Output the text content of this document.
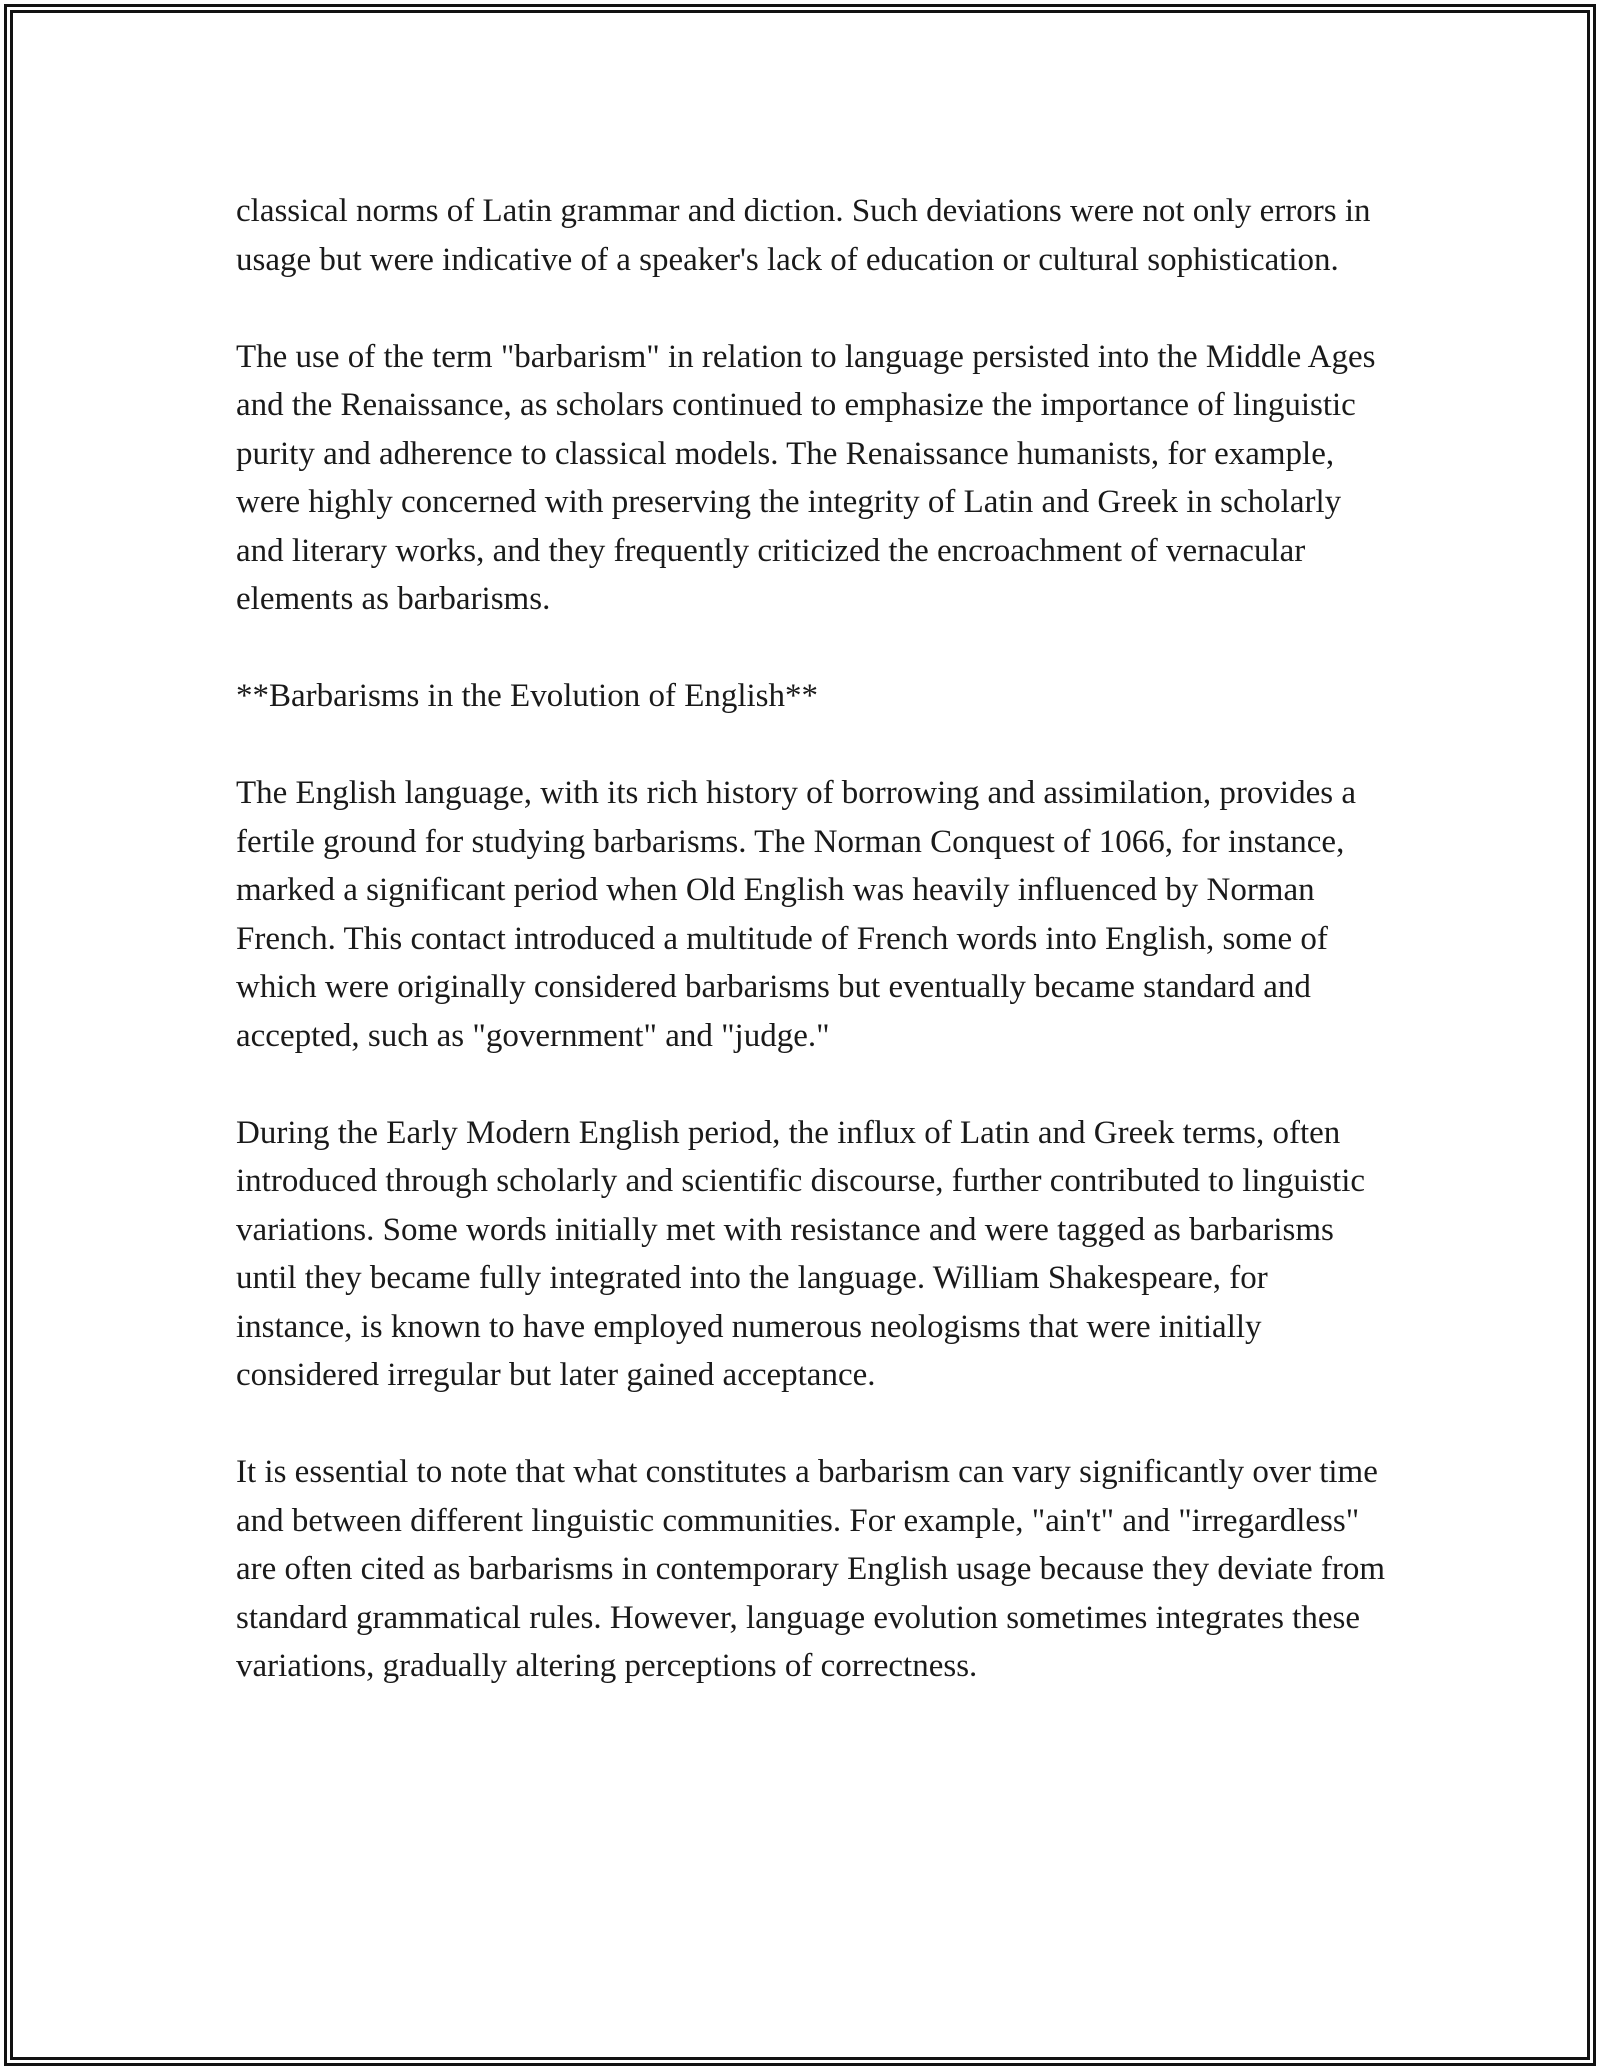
classical norms of Latin grammar and diction. Such deviations were not only errors in usage but were indicative of a speaker's lack of education or cultural sophistication.

The use of the term "barbarism" in relation to language persisted into the Middle Ages and the Renaissance, as scholars continued to emphasize the importance of linguistic purity and adherence to classical models. The Renaissance humanists, for example, were highly concerned with preserving the integrity of Latin and Greek in scholarly and literary works, and they frequently criticized the encroachment of vernacular elements as barbarisms.

**Barbarisms in the Evolution of English**

The English language, with its rich history of borrowing and assimilation, provides a fertile ground for studying barbarisms. The Norman Conquest of 1066, for instance, marked a significant period when Old English was heavily influenced by Norman French. This contact introduced a multitude of French words into English, some of which were originally considered barbarisms but eventually became standard and accepted, such as "government" and "judge."

During the Early Modern English period, the influx of Latin and Greek terms, often introduced through scholarly and scientific discourse, further contributed to linguistic variations. Some words initially met with resistance and were tagged as barbarisms until they became fully integrated into the language. William Shakespeare, for instance, is known to have employed numerous neologisms that were initially considered irregular but later gained acceptance.

It is essential to note that what constitutes a barbarism can vary significantly over time and between different linguistic communities. For example, "ain't" and "irregardless" are often cited as barbarisms in contemporary English usage because they deviate from standard grammatical rules. However, language evolution sometimes integrates these variations, gradually altering perceptions of correctness.
